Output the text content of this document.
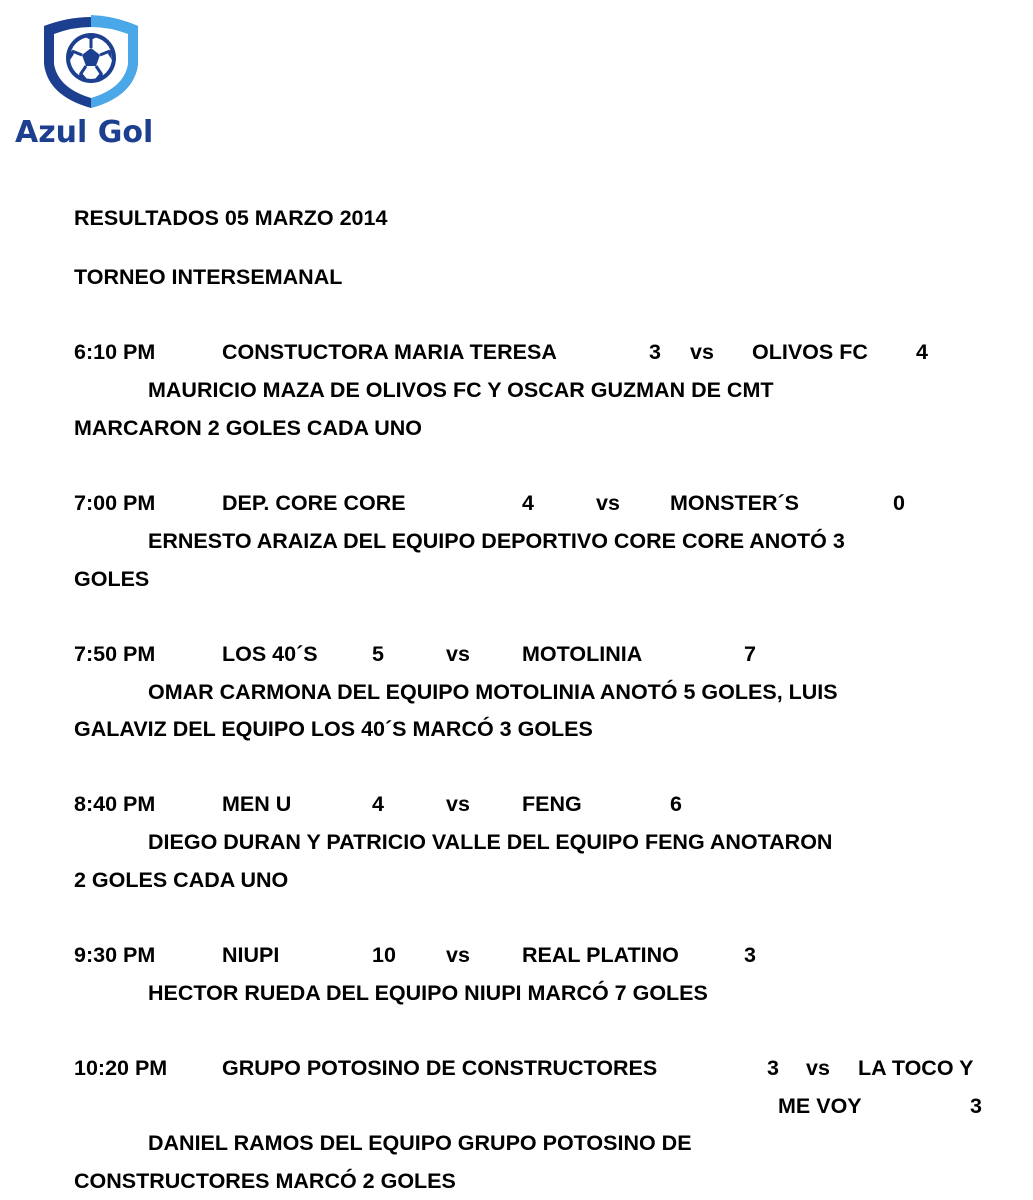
Azul Gol
RESULTADOS 05 MARZO 2014
TORNEO INTERSEMANAL
6:10 PM	CONSTUCTORA MARIA TERESA	3 vs OLIVOS FC 4
MAURICIO MAZA DE OLIVOS FC Y OSCAR GUZMAN DE CMT
MARCARON 2 GOLES CADA UNO
7:00 PM	DEP. CORE CORE	4	vs MONSTER´S	0
ERNESTO ARAIZA DEL EQUIPO DEPORTIVO CORE CORE ANOTÓ 3
GOLES
7:50 PM	LOS 40´S	5	vs MOTOLINIA	7
OMAR CARMONA DEL EQUIPO MOTOLINIA ANOTÓ 5 GOLES, LUIS
GALAVIZ DEL EQUIPO LOS 40´S MARCÓ 3 GOLES
8:40 PM	MEN U	4	vs FENG	6
DIEGO DURAN Y PATRICIO VALLE DEL EQUIPO FENG ANOTARON
2 GOLES CADA UNO
9:30 PM	NIUPI	10 vs REAL PLATINO	3
HECTOR RUEDA DEL EQUIPO NIUPI MARCÓ 7 GOLES
10:20 PM	GRUPO POTOSINO DE CONSTRUCTORES	3 vs LA TOCO Y
ME VOY	3
DANIEL RAMOS DEL EQUIPO GRUPO POTOSINO DE
CONSTRUCTORES MARCÓ 2 GOLES
